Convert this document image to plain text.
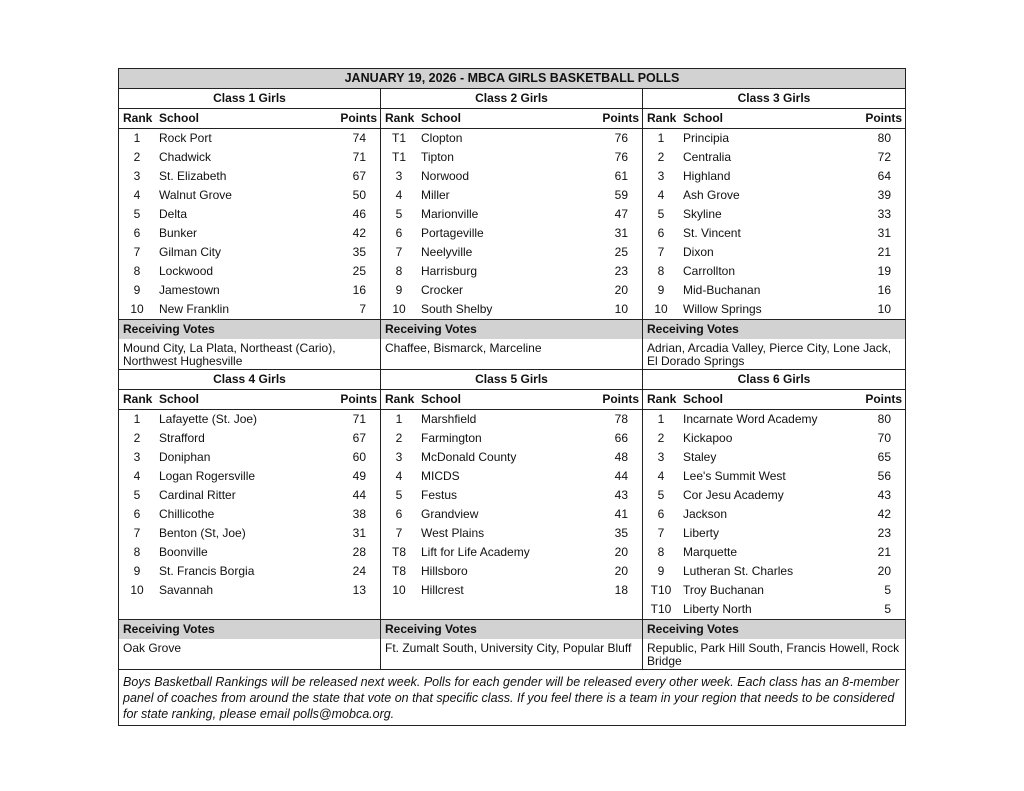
JANUARY 19, 2026 - MBCA GIRLS BASKETBALL POLLS
Class 1 Girls
Rank School	Points
1	Rock Port	74
2	Chadwick	71
3	St. Elizabeth	67
4	Walnut Grove	50
5	Delta	46
6	Bunker	42
7	Gilman City	35
8	Lockwood	25
9	Jamestown	16
10	New Franklin	7
Receiving Votes
Mound City, La Plata, Northeast (Cario), Northwest Hughesville
Class 2 Girls
Rank School	Points
T1	Clopton	76
T1	Tipton	76
3	Norwood	61
4	Miller	59
5	Marionville	47
6	Portageville	31
7	Neelyville	25
8	Harrisburg	23
9	Crocker	20
10	South Shelby	10
Receiving Votes
Chaffee, Bismarck, Marceline
Class 3 Girls
Rank School	Points
1	Principia	80
2	Centralia	72
3	Highland	64
4	Ash Grove	39
5	Skyline	33
6	St. Vincent	31
7	Dixon	21
8	Carrollton	19
9	Mid-Buchanan	16
10	Willow Springs	10
Receiving Votes
Adrian, Arcadia Valley, Pierce City, Lone Jack, El Dorado Springs
Class 4 Girls
Rank School	Points
1	Lafayette (St. Joe)	71
2	Strafford	67
3	Doniphan	60
4	Logan Rogersville	49
5	Cardinal Ritter	44
6	Chillicothe	38
7	Benton (St, Joe)	31
8	Boonville	28
9	St. Francis Borgia	24
10	Savannah	13
Receiving Votes
Oak Grove
Class 5 Girls
Rank School	Points
1	Marshfield	78
2	Farmington	66
3	McDonald County	48
4	MICDS	44
5	Festus	43
6	Grandview	41
7	West Plains	35
T8	Lift for Life Academy	20
T8	Hillsboro	20
10	Hillcrest	18
Receiving Votes
Ft. Zumalt South, University City, Popular Bluff
Class 6 Girls
Rank School	Points
1	Incarnate Word Academy	80
2	Kickapoo	70
3	Staley	65
4	Lee's Summit West	56
5	Cor Jesu Academy	43
6	Jackson	42
7	Liberty	23
8	Marquette	21
9	Lutheran St. Charles	20
T10 Troy Buchanan	5
T10 Liberty North	5
Receiving Votes
Republic, Park Hill South, Francis Howell, Rock Bridge
Boys Basketball Rankings will be released next week. Polls for each gender will be released every other week. Each class has an 8-member panel of coaches from around the state that vote on that specific class. If you feel there is a team in your region that needs to be considered for state ranking, please email polls@mobca.org.
